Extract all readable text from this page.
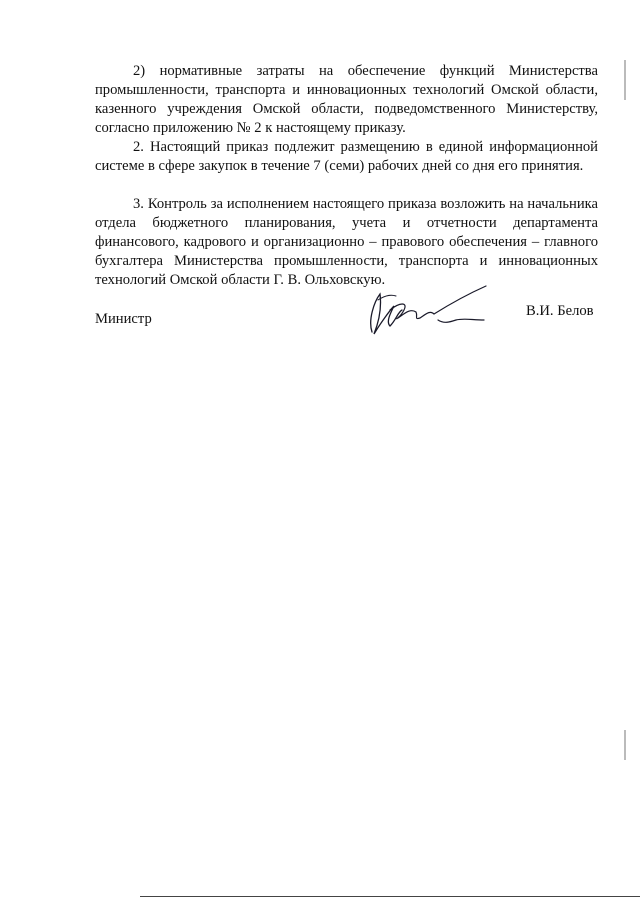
2) нормативные затраты на обеспечение функций Министерства промышленности, транспорта и инновационных технологий Омской области, казенного учреждения Омской области, подведомственного Министерству, согласно приложению № 2 к настоящему приказу.

2. Настоящий приказ подлежит размещению в единой информационной системе в сфере закупок в течение 7 (семи) рабочих дней со дня его принятия.

3. Контроль за исполнением настоящего приказа возложить на начальника отдела бюджетного планирования, учета и отчетности департамента финансового, кадрового и организационно – правового обеспечения – главного бухгалтера Министерства промышленности, транспорта и инновационных технологий Омской области Г. В. Ольховскую.

Министр	В.И. Белов
